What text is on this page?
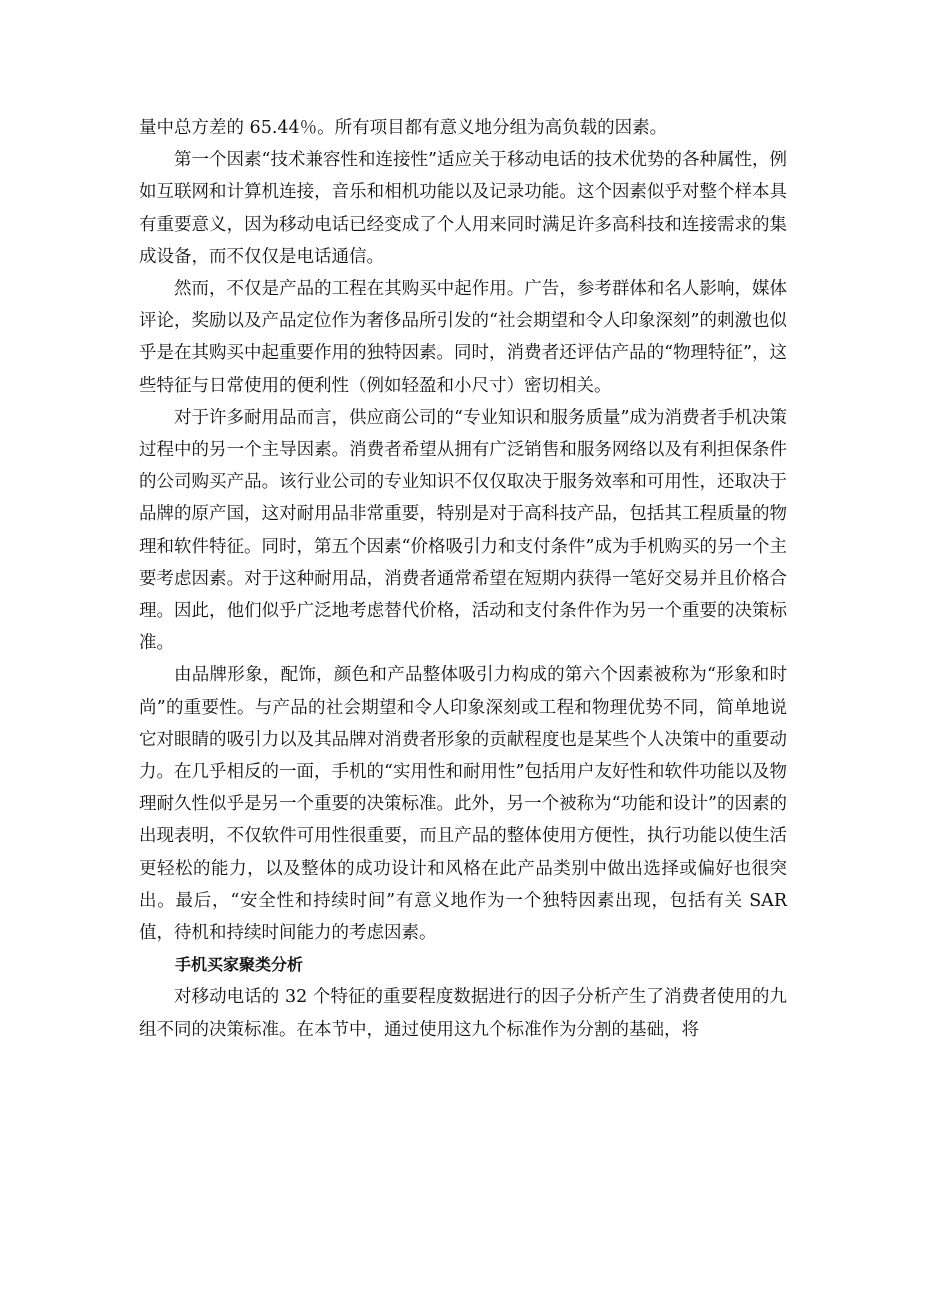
量中总方差的 65.44％。所有项目都有意义地分组为高负载的因素。

第一个因素“技术兼容性和连接性”适应关于移动电话的技术优势的各种属性，例如互联网和计算机连接，音乐和相机功能以及记录功能。这个因素似乎对整个样本具有重要意义，因为移动电话已经变成了个人用来同时满足许多高科技和连接需求的集成设备，而不仅仅是电话通信。

然而，不仅是产品的工程在其购买中起作用。广告，参考群体和名人影响，媒体评论，奖励以及产品定位作为奢侈品所引发的“社会期望和令人印象深刻”的刺激也似乎是在其购买中起重要作用的独特因素。同时，消费者还评估产品的“物理特征”，这些特征与日常使用的便利性（例如轻盈和小尺寸）密切相关。

对于许多耐用品而言，供应商公司的“专业知识和服务质量”成为消费者手机决策过程中的另一个主导因素。消费者希望从拥有广泛销售和服务网络以及有利担保条件的公司购买产品。该行业公司的专业知识不仅仅取决于服务效率和可用性，还取决于品牌的原产国，这对耐用品非常重要，特别是对于高科技产品，包括其工程质量的物理和软件特征。同时，第五个因素“价格吸引力和支付条件”成为手机购买的另一个主要考虑因素。对于这种耐用品，消费者通常希望在短期内获得一笔好交易并且价格合理。因此，他们似乎广泛地考虑替代价格，活动和支付条件作为另一个重要的决策标准。

由品牌形象，配饰，颜色和产品整体吸引力构成的第六个因素被称为“形象和时尚”的重要性。与产品的社会期望和令人印象深刻或工程和物理优势不同，简单地说它对眼睛的吸引力以及其品牌对消费者形象的贡献程度也是某些个人决策中的重要动力。在几乎相反的一面，手机的“实用性和耐用性”包括用户友好性和软件功能以及物理耐久性似乎是另一个重要的决策标准。此外，另一个被称为“功能和设计”的因素的出现表明，不仅软件可用性很重要，而且产品的整体使用方便性，执行功能以使生活更轻松的能力，以及整体的成功设计和风格在此产品类别中做出选择或偏好也很突出。最后，“安全性和持续时间”有意义地作为一个独特因素出现，包括有关 SAR 值，待机和持续时间能力的考虑因素。

手机买家聚类分析

对移动电话的 32 个特征的重要程度数据进行的因子分析产生了消费者使用的九组不同的决策标准。在本节中，通过使用这九个标准作为分割的基础，将
